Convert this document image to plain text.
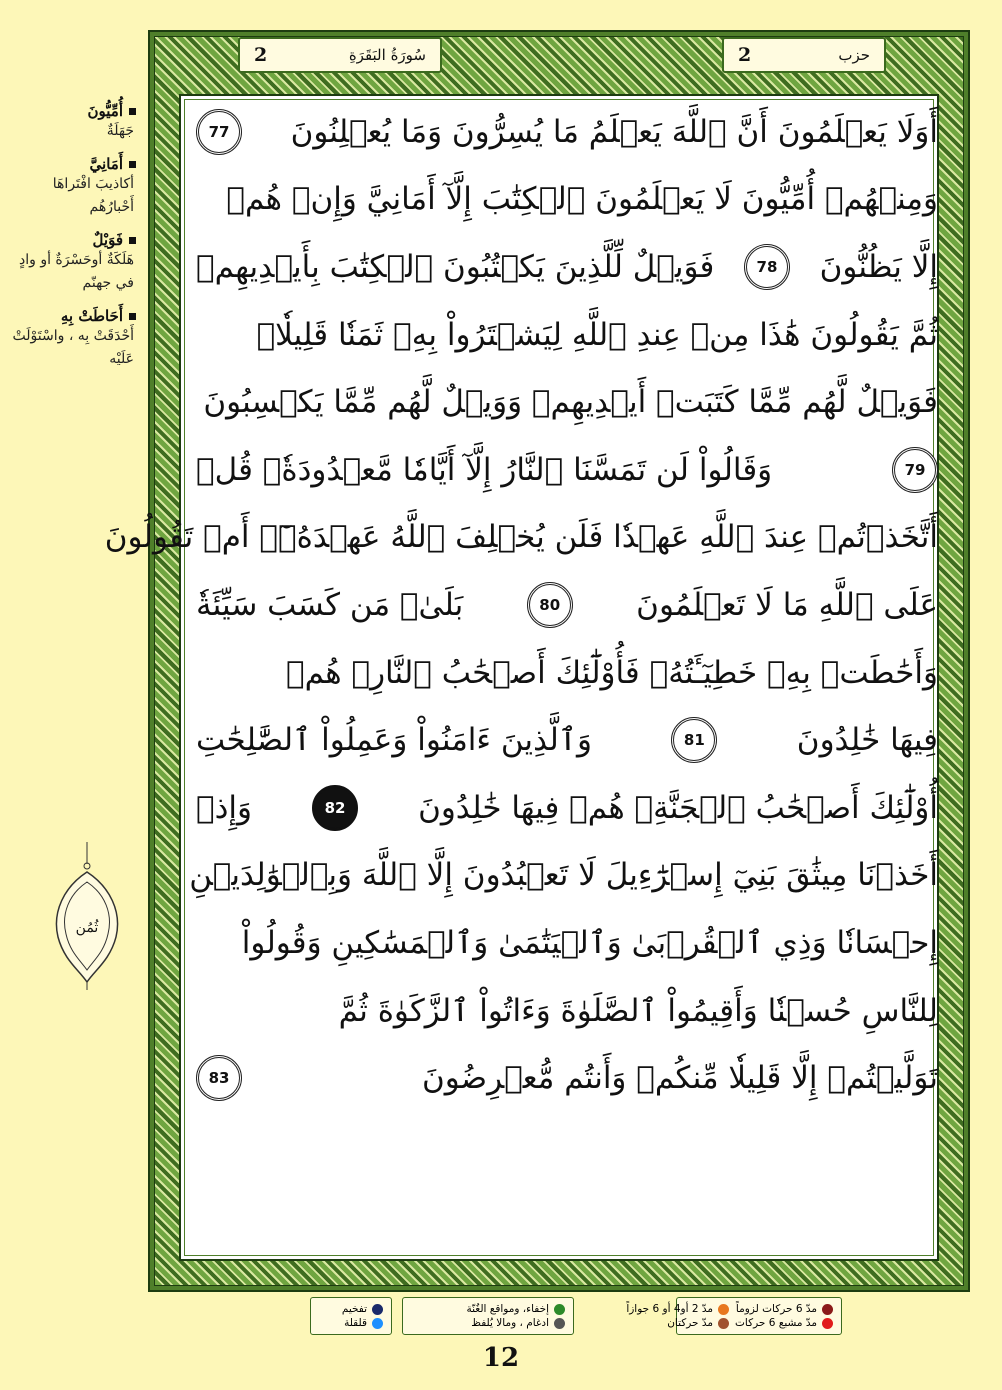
أُمِّيُّونَ
جَهَلَةٌ
أَمَانِيَّ
أكاذيبَ افْتَراهَا أَحْبارُهُم
فَوَيْلٌ
هَلَكَةٌ أوحَسْرَةٌ أو وادٍ في جهنّم
أَحَاطَتْ بِهِ
أَحْدَقَتْ بِه ، واسْتَوْلَتْ عَلَيْه
ثُمُن
حزب
2
سُورَةُ البَقَرَةِ
2
أَوَلَا يَعۡلَمُونَ أَنَّ ٱللَّهَ يَعۡلَمُ مَا يُسِرُّونَ وَمَا يُعۡلِنُونَ
77
وَمِنۡهُمۡ أُمِّيُّونَ لَا يَعۡلَمُونَ ٱلۡكِتَٰبَ إِلَّآ أَمَانِيَّ وَإِنۡ هُمۡ
إِلَّا يَظُنُّونَ
78
فَوَيۡلٌ لِّلَّذِينَ يَكۡتُبُونَ ٱلۡكِتَٰبَ بِأَيۡدِيهِمۡ
ثُمَّ يَقُولُونَ هَٰذَا مِنۡ عِندِ ٱللَّهِ لِيَشۡتَرُواْ بِهِۦ ثَمَنٗا قَلِيلٗاۖ
فَوَيۡلٌ لَّهُم مِّمَّا كَتَبَتۡ أَيۡدِيهِمۡ وَوَيۡلٌ لَّهُم مِّمَّا يَكۡسِبُونَ
79
وَقَالُواْ لَن تَمَسَّنَا ٱلنَّارُ إِلَّآ أَيَّامٗا مَّعۡدُودَةٗۚ قُلۡ
أَتَّخَذۡتُمۡ عِندَ ٱللَّهِ عَهۡدٗا فَلَن يُخۡلِفَ ٱللَّهُ عَهۡدَهُۥٓۖ أَمۡ تَقُولُونَ
عَلَى ٱللَّهِ مَا لَا تَعۡلَمُونَ
80
بَلَىٰۚ مَن كَسَبَ سَيِّئَةٗ
وَأَحَٰطَتۡ بِهِۦ خَطِيٓـَٔتُهُۥ فَأُوْلَٰٓئِكَ أَصۡحَٰبُ ٱلنَّارِۖ هُمۡ
فِيهَا خَٰلِدُونَ
81
وَٱلَّذِينَ ءَامَنُواْ وَعَمِلُواْ ٱلصَّٰلِحَٰتِ
أُوْلَٰٓئِكَ أَصۡحَٰبُ ٱلۡجَنَّةِۖ هُمۡ فِيهَا خَٰلِدُونَ
82
وَإِذۡ
أَخَذۡنَا مِيثَٰقَ بَنِيٓ إِسۡرَٰٓءِيلَ لَا تَعۡبُدُونَ إِلَّا ٱللَّهَ وَبِٱلۡوَٰلِدَيۡنِ
إِحۡسَانٗا وَذِي ٱلۡقُرۡبَىٰ وَٱلۡيَتَٰمَىٰ وَٱلۡمَسَٰكِينِ وَقُولُواْ
لِلنَّاسِ حُسۡنٗا وَأَقِيمُواْ ٱلصَّلَوٰةَ وَءَاتُواْ ٱلزَّكَوٰةَ ثُمَّ
تَوَلَّيۡتُمۡ إِلَّا قَلِيلٗا مِّنكُمۡ وَأَنتُم مُّعۡرِضُونَ
83
مدّ 6 حركات لزوماً
مدّ 2 أو4 أو 6 جوازاً
مدّ مشبع 6 حركات
مدّ حركتان
إخفاء، ومواقع الغُنّة
ادغام ، ومالا يُلفظ
تفخيم
قلقلة
12
